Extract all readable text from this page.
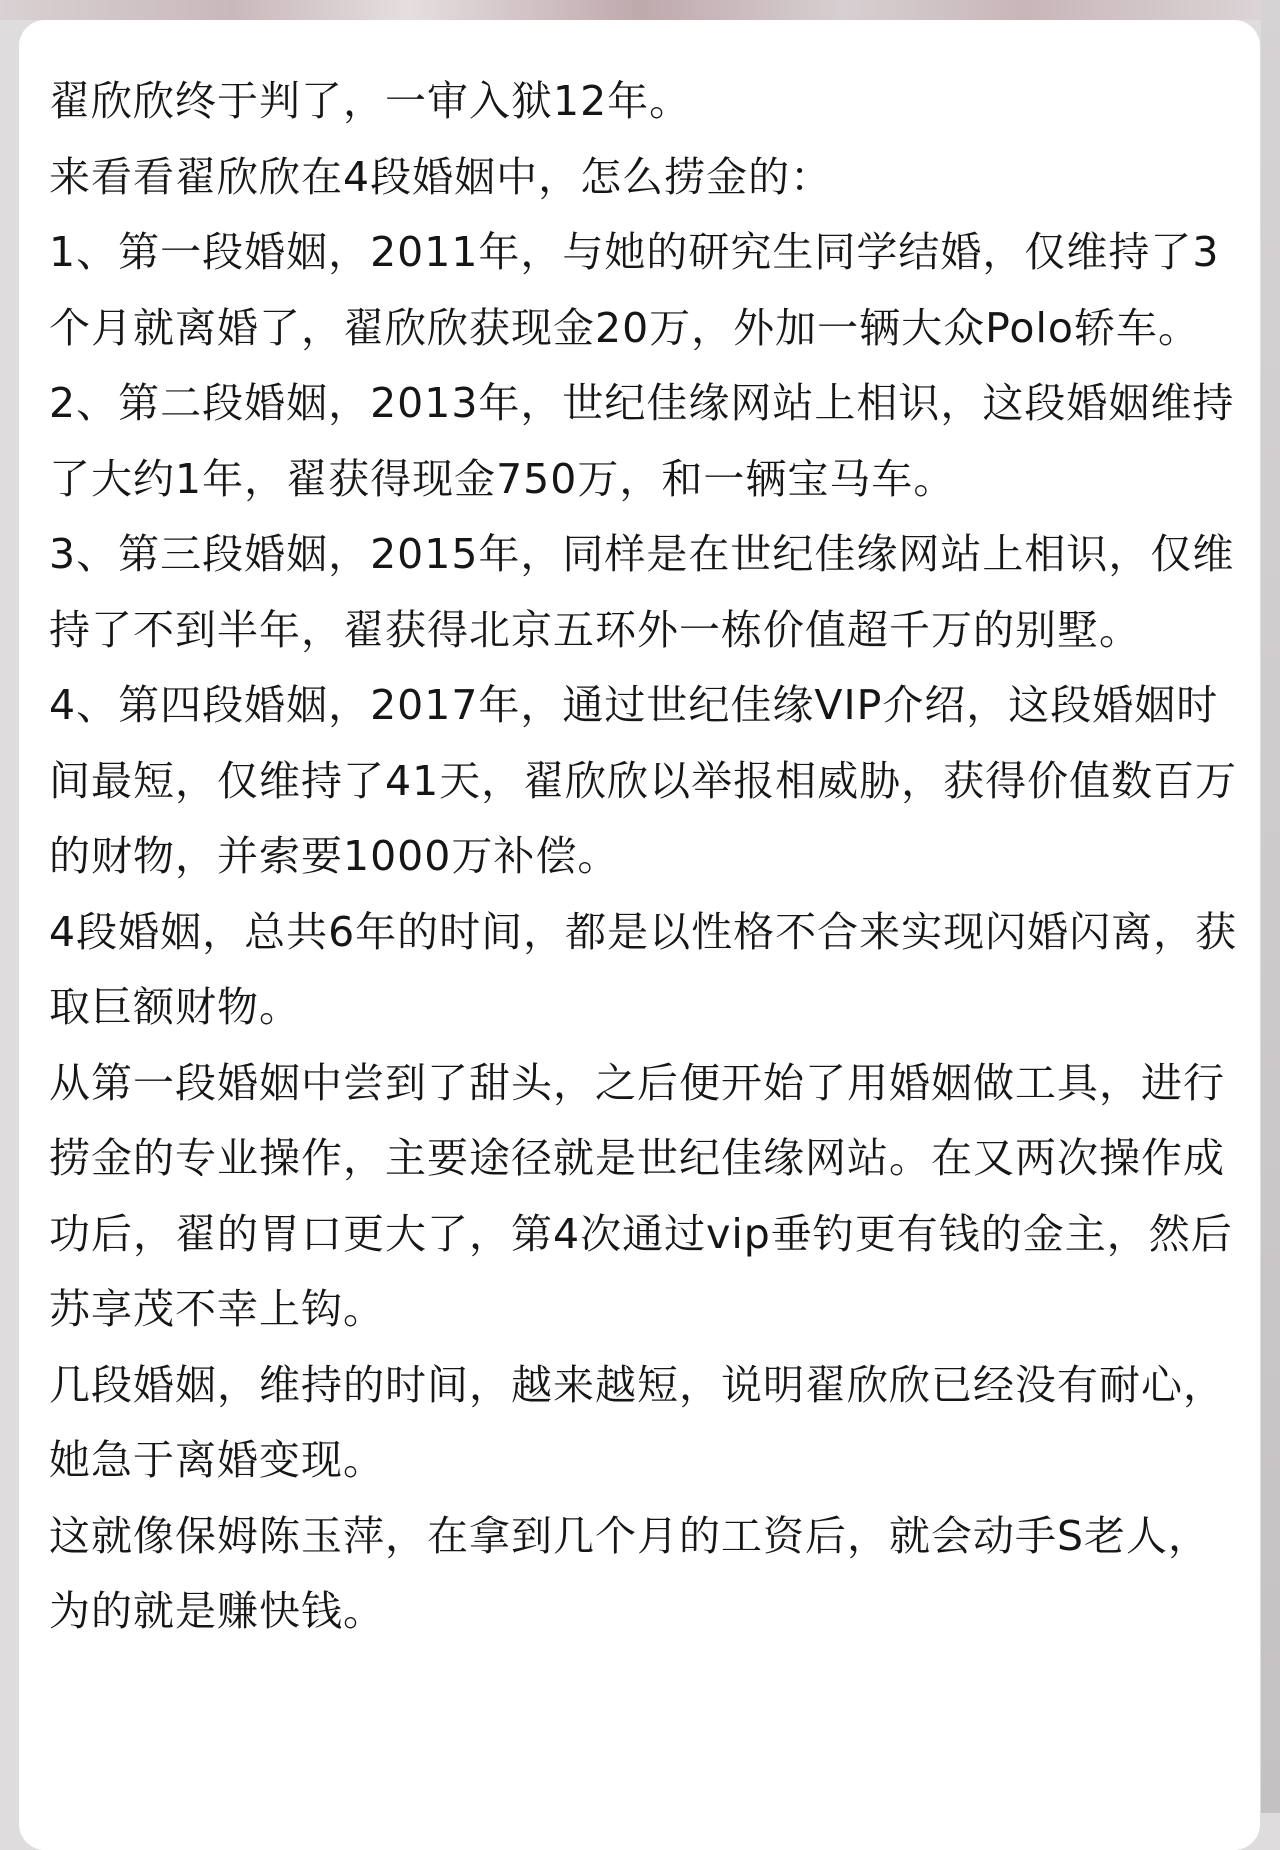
翟欣欣终于判了，一审入狱12年。

来看看翟欣欣在4段婚姻中，怎么捞金的：

1、第一段婚姻，2011年，与她的研究生同学结婚，仅维持了3个月就离婚了，翟欣欣获现金20万，外加一辆大众Polo轿车。

2、第二段婚姻，2013年，世纪佳缘网站上相识，这段婚姻维持了大约1年，翟获得现金750万，和一辆宝马车。

3、第三段婚姻，2015年，同样是在世纪佳缘网站上相识，仅维持了不到半年，翟获得北京五环外一栋价值超千万的别墅。

4、第四段婚姻，2017年，通过世纪佳缘VIP介绍，这段婚姻时间最短，仅维持了41天，翟欣欣以举报相威胁，获得价值数百万的财物，并索要1000万补偿。

4段婚姻，总共6年的时间，都是以性格不合来实现闪婚闪离，获取巨额财物。

从第一段婚姻中尝到了甜头，之后便开始了用婚姻做工具，进行捞金的专业操作，主要途径就是世纪佳缘网站。在又两次操作成功后，翟的胃口更大了，第4次通过vip垂钓更有钱的金主，然后苏享茂不幸上钩。

几段婚姻，维持的时间，越来越短，说明翟欣欣已经没有耐心，她急于离婚变现。

这就像保姆陈玉萍，在拿到几个月的工资后，就会动手S老人，为的就是赚快钱。
